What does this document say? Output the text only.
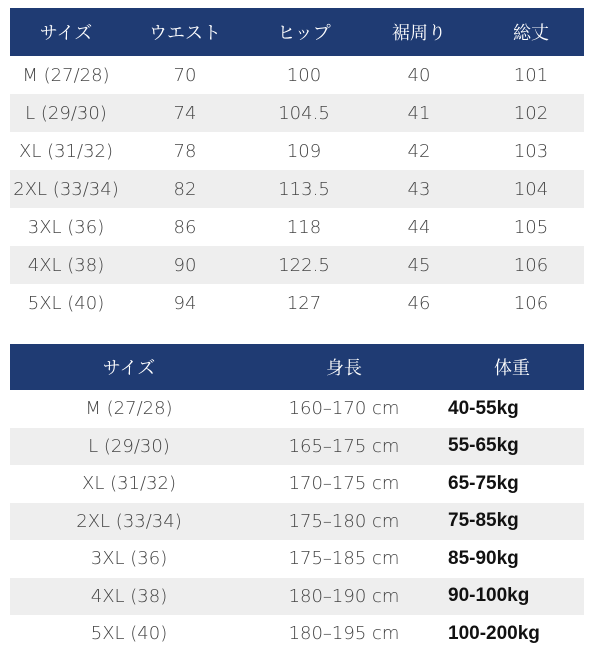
サイズ	ウエスト	ヒップ	裾周り	総丈
M (27/28)	70	100	40	101
L (29/30)	74	104.5	41	102
XL (31/32)	78	109	42	103
2XL (33/34)	82	113.5	43	104
3XL (36)	86	118	44	105
4XL (38)	90	122.5	45	106
5XL (40)	94	127	46	106
サイズ	身長	体重
M (27/28)	160–170 cm	40-55kg
L (29/30)	165–175 cm	55-65kg
XL (31/32)	170–175 cm	65-75kg
2XL (33/34)	175–180 cm	75-85kg
3XL (36)	175–185 cm	85-90kg
4XL (38)	180–190 cm	90-100kg
5XL (40)	180–195 cm	100-200kg
